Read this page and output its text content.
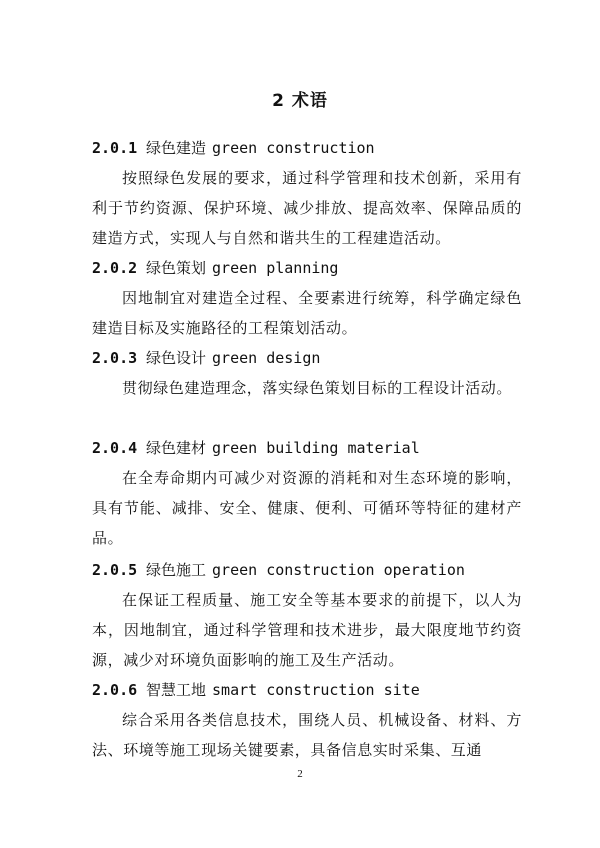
2 术语
2.0.1 绿色建造 green construction
按照绿色发展的要求，通过科学管理和技术创新，采用有利于节约资源、保护环境、减少排放、提高效率、保障品质的建造方式，实现人与自然和谐共生的工程建造活动。
2.0.2 绿色策划 green planning
因地制宜对建造全过程、全要素进行统筹，科学确定绿色建造目标及实施路径的工程策划活动。
2.0.3 绿色设计 green design
贯彻绿色建造理念，落实绿色策划目标的工程设计活动。
2.0.4 绿色建材 green building material
在全寿命期内可减少对资源的消耗和对生态环境的影响，具有节能、减排、安全、健康、便利、可循环等特征的建材产品。
2.0.5 绿色施工 green construction operation
在保证工程质量、施工安全等基本要求的前提下，以人为本，因地制宜，通过科学管理和技术进步，最大限度地节约资源，减少对环境负面影响的施工及生产活动。
2.0.6 智慧工地 smart construction site
综合采用各类信息技术，围绕人员、机械设备、材料、方法、环境等施工现场关键要素，具备信息实时采集、互通
2
